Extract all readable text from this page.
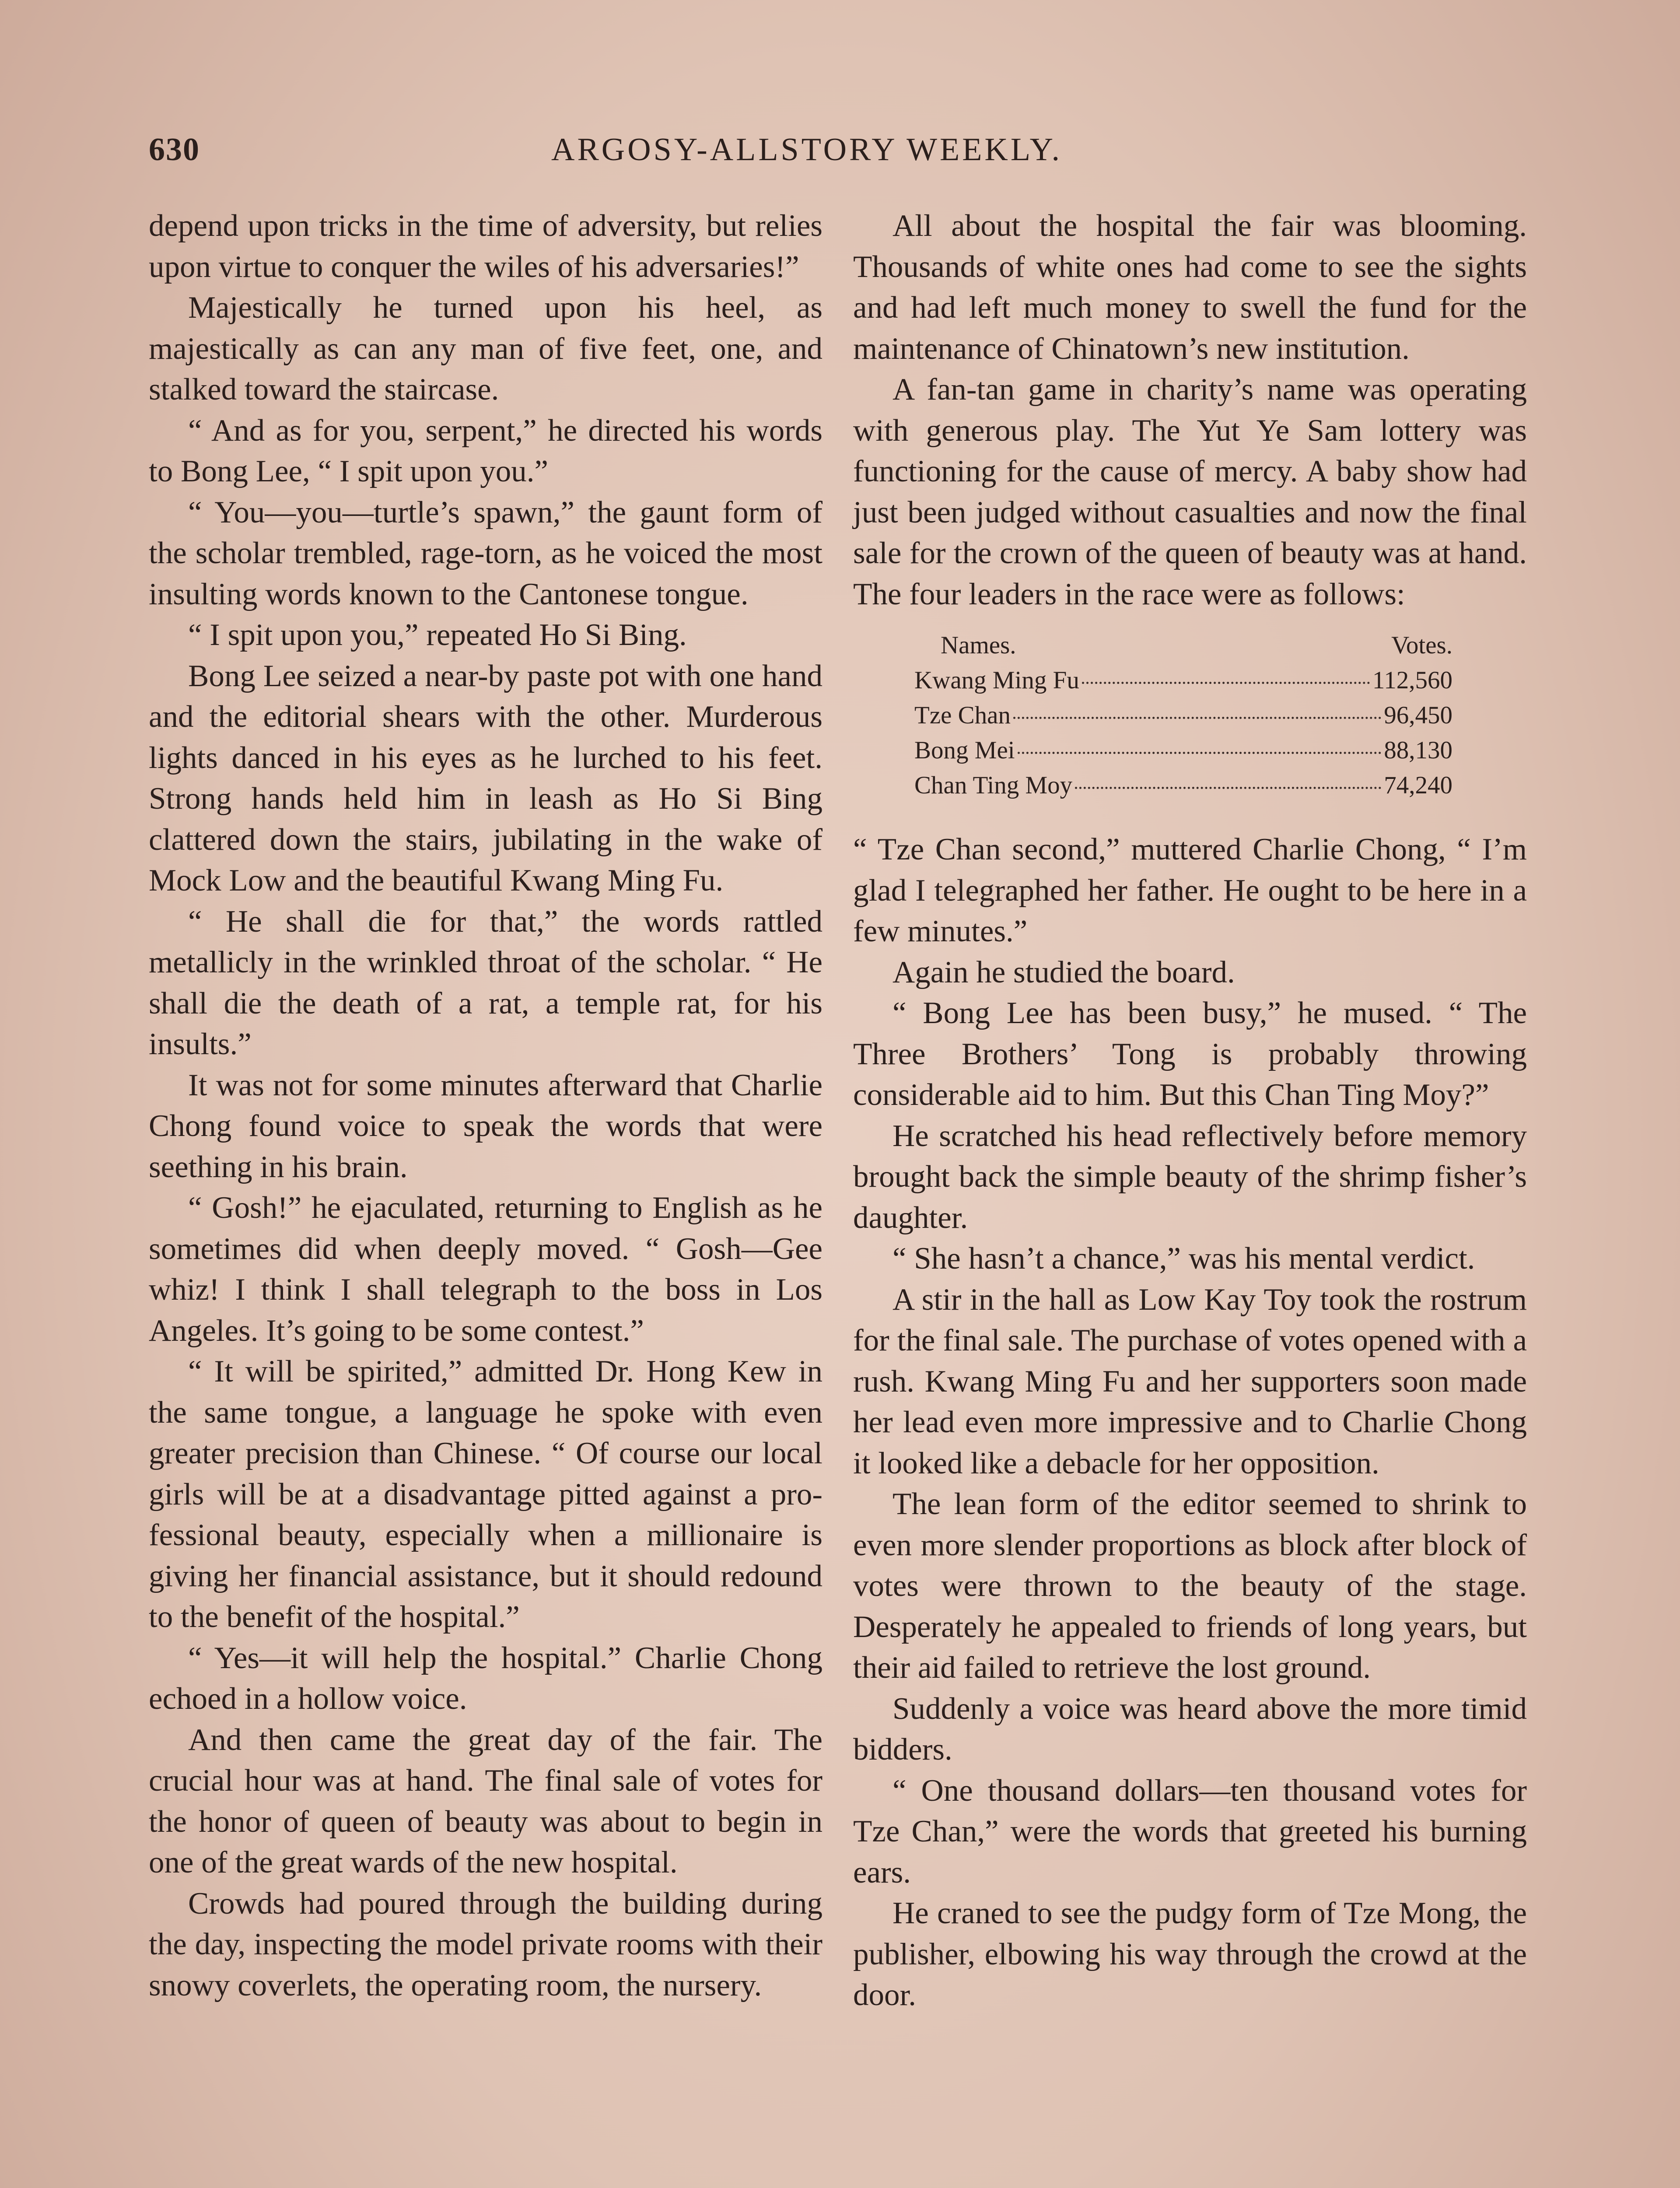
630	ARGOSY-ALLSTORY WEEKLY.

depend upon tricks in the time of adversity, but relies upon virtue to conquer the wiles of his adversaries!”

Majestically he turned upon his heel, as majestically as can any man of five feet, one, and stalked toward the staircase.

“ And as for you, serpent,” he directed his words to Bong Lee, “ I spit upon you.”

“ You—you—turtle’s spawn,” the gaunt form of the scholar trembled, rage-torn, as he voiced the most insulting words known to the Cantonese tongue.

“ I spit upon you,” repeated Ho Si Bing.

Bong Lee seized a near-by paste pot with one hand and the editorial shears with the other. Murderous lights danced in his eyes as he lurched to his feet. Strong hands held him in leash as Ho Si Bing clattered down the stairs, jubilating in the wake of Mock Low and the beautiful Kwang Ming Fu.

“ He shall die for that,” the words rattled metallicly in the wrinkled throat of the scholar. “ He shall die the death of a rat, a temple rat, for his insults.”

It was not for some minutes afterward that Charlie Chong found voice to speak the words that were seething in his brain.

“ Gosh!” he ejaculated, returning to English as he sometimes did when deeply moved. “ Gosh—Gee whiz! I think I shall telegraph to the boss in Los Angeles. It’s going to be some contest.”

“ It will be spirited,” admitted Dr. Hong Kew in the same tongue, a language he spoke with even greater precision than Chinese. “ Of course our local girls will be at a disadvantage pitted against a professional beauty, especially when a millionaire is giving her financial assistance, but it should redound to the benefit of the hospital.”

“ Yes—it will help the hospital.” Charlie Chong echoed in a hollow voice.

And then came the great day of the fair. The crucial hour was at hand. The final sale of votes for the honor of queen of beauty was about to begin in one of the great wards of the new hospital.

Crowds had poured through the building during the day, inspecting the model private rooms with their snowy coverlets, the operating room, the nursery.

All about the hospital the fair was blooming. Thousands of white ones had come to see the sights and had left much money to swell the fund for the maintenance of Chinatown’s new institution.

A fan-tan game in charity’s name was operating with generous play. The Yut Ye Sam lottery was functioning for the cause of mercy. A baby show had just been judged without casualties and now the final sale for the crown of the queen of beauty was at hand. The four leaders in the race were as follows:

Names.	Votes.
Kwang Ming Fu	112,560
Tze Chan	96,450
Bong Mei	88,130
Chan Ting Moy	74,240

“ Tze Chan second,” muttered Charlie Chong, “ I’m glad I telegraphed her father. He ought to be here in a few minutes.”

Again he studied the board.

“ Bong Lee has been busy,” he mused. “ The Three Brothers’ Tong is probably throwing considerable aid to him. But this Chan Ting Moy?”

He scratched his head reflectively before memory brought back the simple beauty of the shrimp fisher’s daughter.

“ She hasn’t a chance,” was his mental verdict.

A stir in the hall as Low Kay Toy took the rostrum for the final sale. The purchase of votes opened with a rush. Kwang Ming Fu and her supporters soon made her lead even more impressive and to Charlie Chong it looked like a debacle for her opposition.

The lean form of the editor seemed to shrink to even more slender proportions as block after block of votes were thrown to the beauty of the stage. Desperately he appealed to friends of long years, but their aid failed to retrieve the lost ground.

Suddenly a voice was heard above the more timid bidders.

“ One thousand dollars—ten thousand votes for Tze Chan,” were the words that greeted his burning ears.

He craned to see the pudgy form of Tze Mong, the publisher, elbowing his way through the crowd at the door.
